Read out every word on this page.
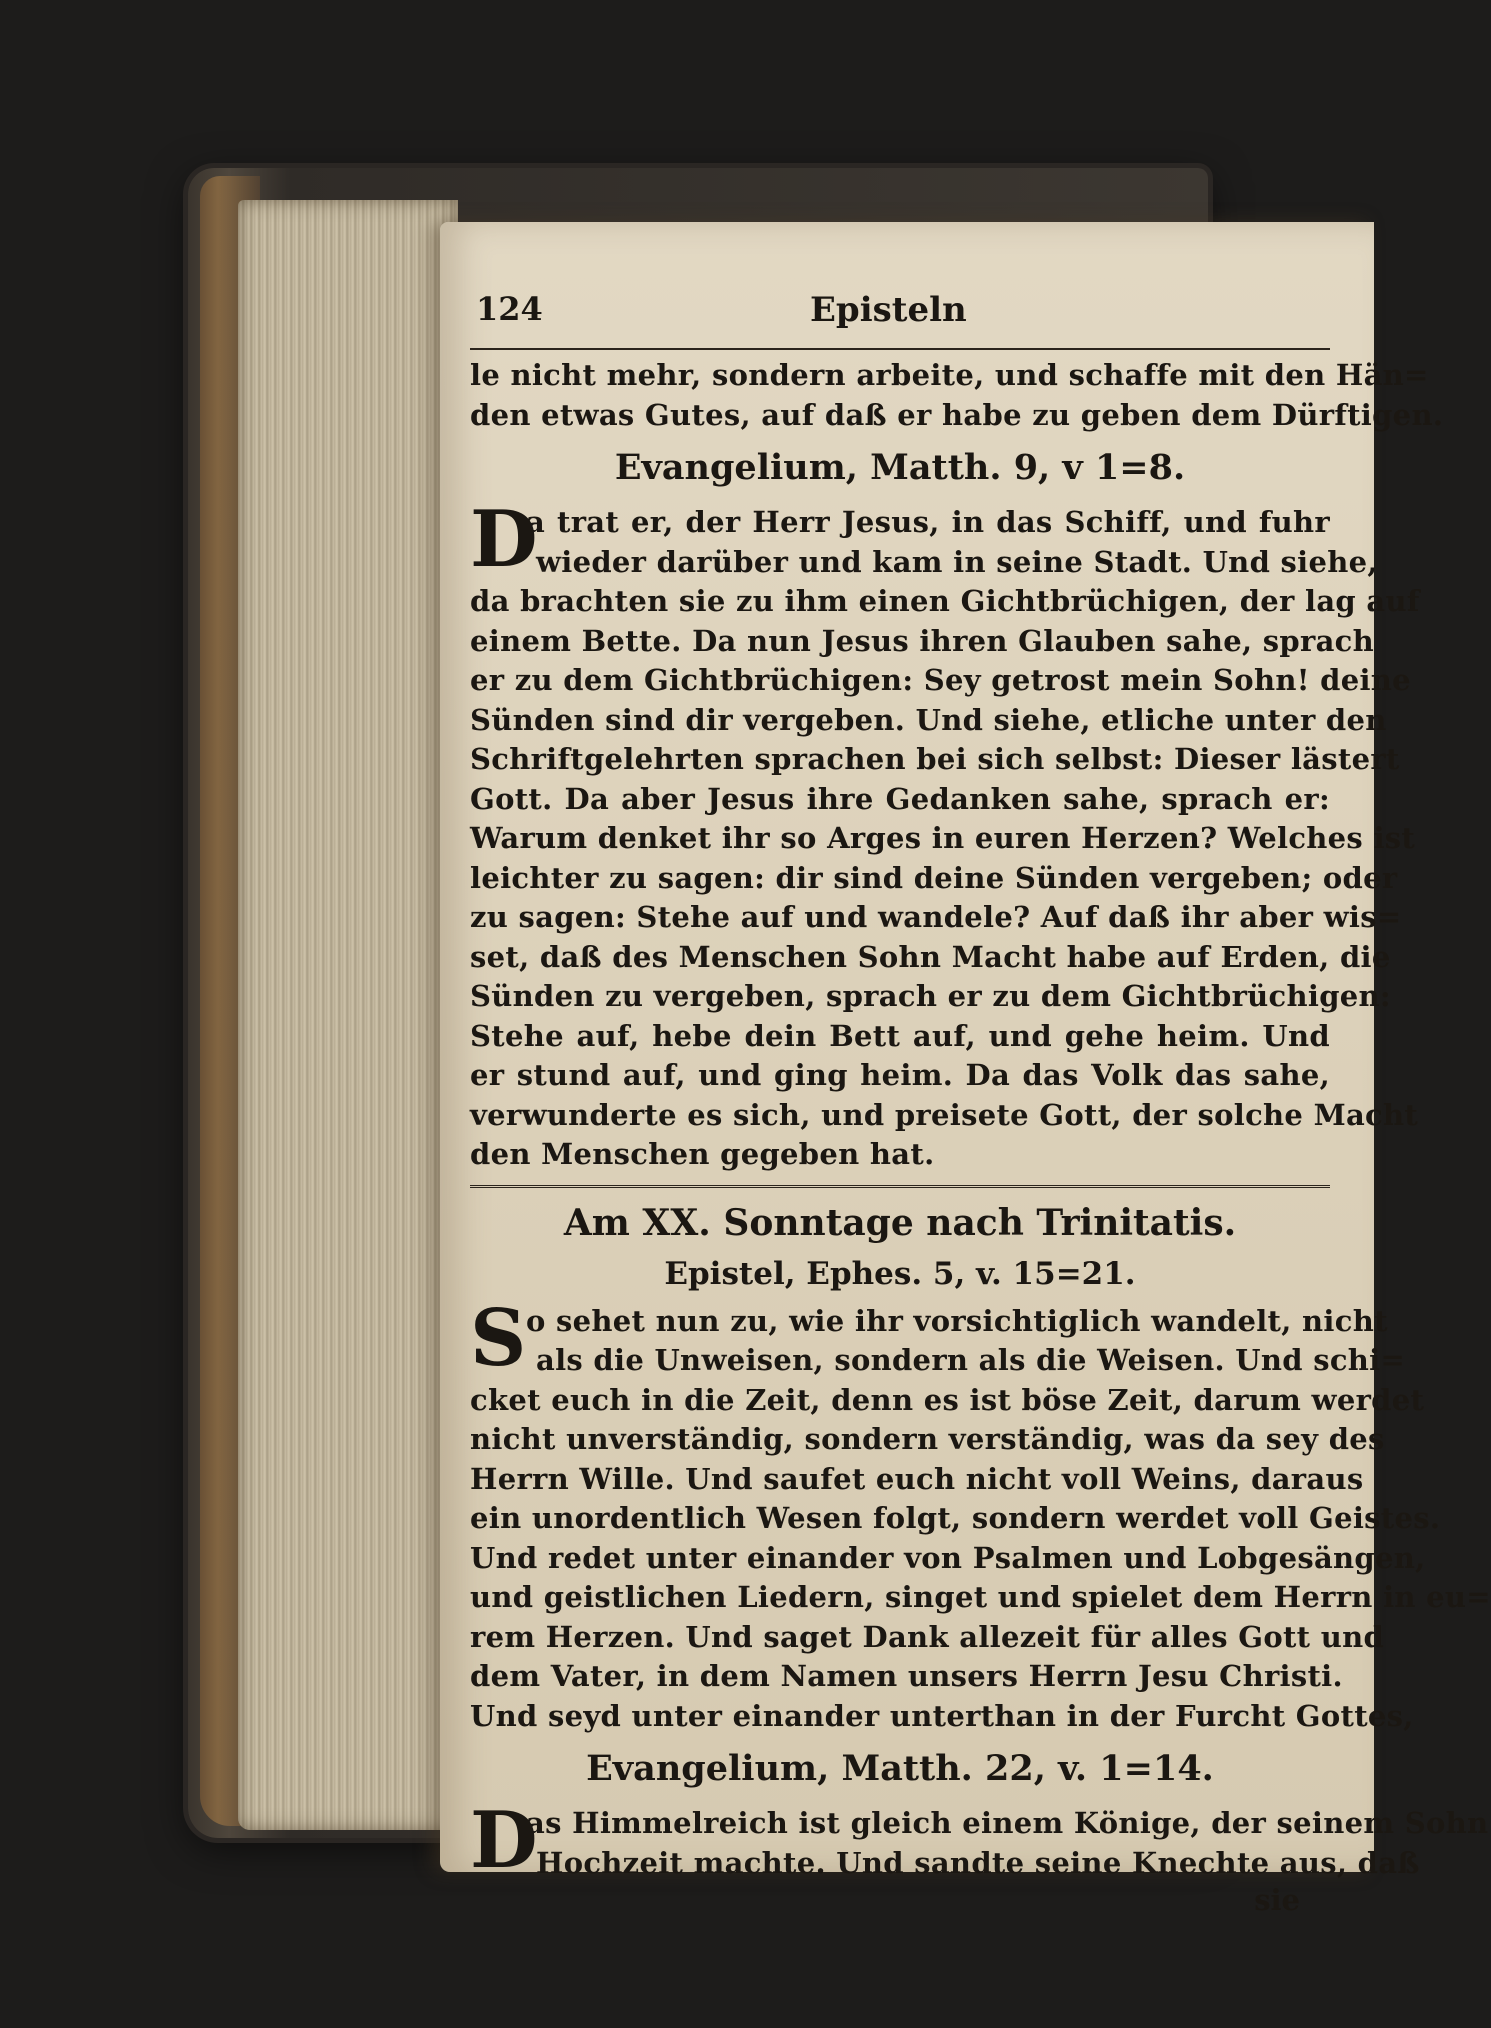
124	Episteln
le nicht mehr, sondern arbeite, und schaffe mit den Hän=
den etwas Gutes, auf daß er habe zu geben dem Dürftigen.
Evangelium, Matth. 9, v 1=8.
D
a trat er, der Herr Jesus, in das Schiff, und fuhr
wieder darüber und kam in seine Stadt. Und siehe,
da brachten sie zu ihm einen Gichtbrüchigen, der lag auf
einem Bette. Da nun Jesus ihren Glauben sahe, sprach
er zu dem Gichtbrüchigen: Sey getrost mein Sohn! deine
Sünden sind dir vergeben. Und siehe, etliche unter den
Schriftgelehrten sprachen bei sich selbst: Dieser lästert
Gott. Da aber Jesus ihre Gedanken sahe, sprach er:
Warum denket ihr so Arges in euren Herzen? Welches ist
leichter zu sagen: dir sind deine Sünden vergeben; oder
zu sagen: Stehe auf und wandele? Auf daß ihr aber wis=
set, daß des Menschen Sohn Macht habe auf Erden, die
Sünden zu vergeben, sprach er zu dem Gichtbrüchigen:
Stehe auf, hebe dein Bett auf, und gehe heim. Und
er stund auf, und ging heim. Da das Volk das sahe,
verwunderte es sich, und preisete Gott, der solche Macht
den Menschen gegeben hat.
Am XX. Sonntage nach Trinitatis.
Epistel, Ephes. 5, v. 15=21.
S o sehet nun zu, wie ihr vorsichtiglich wandelt, nicht
als die Unweisen, sondern als die Weisen. Und schi=
cket euch in die Zeit, denn es ist böse Zeit, darum werdet
nicht unverständig, sondern verständig, was da sey des
Herrn Wille. Und saufet euch nicht voll Weins, daraus
ein unordentlich Wesen folgt, sondern werdet voll Geistes.
Und redet unter einander von Psalmen und Lobgesängen,
und geistlichen Liedern, singet und spielet dem Herrn in eu=
rem Herzen. Und saget Dank allezeit für alles Gott und
dem Vater, in dem Namen unsers Herrn Jesu Christi.
Und seyd unter einander unterthan in der Furcht Gottes,
Evangelium, Matth. 22, v. 1=14.
D
as Himmelreich ist gleich einem Könige, der seinem Sohn
Hochzeit machte. Und sandte seine Knechte aus, daß
sie
